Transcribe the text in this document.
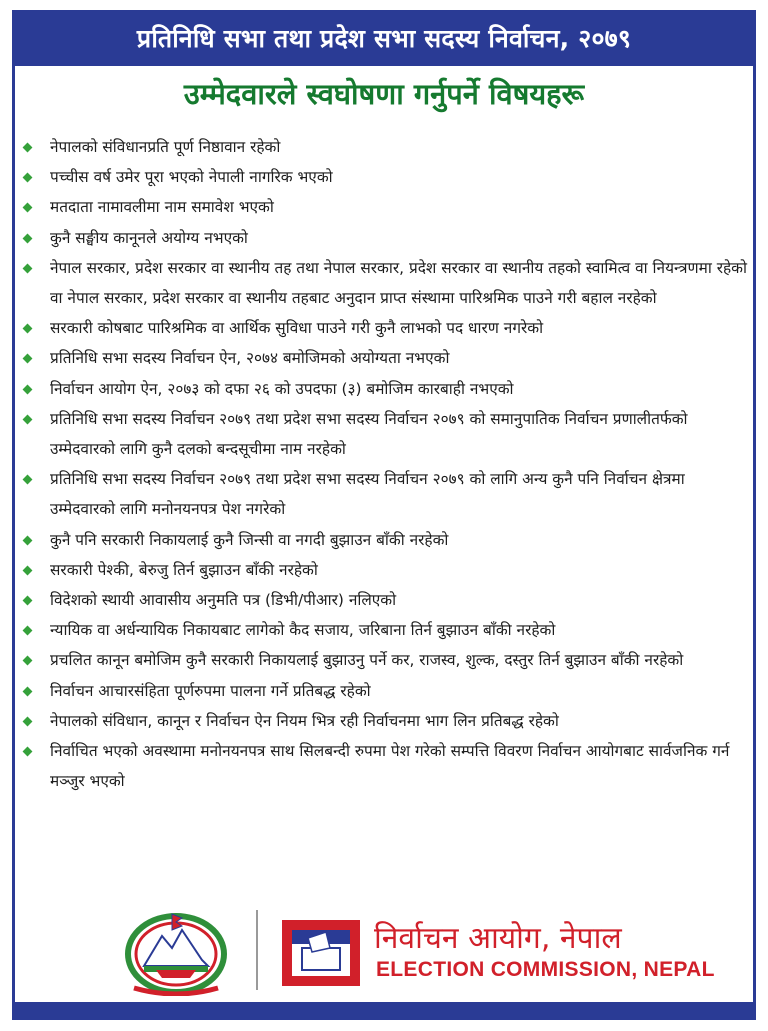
प्रतिनिधि सभा तथा प्रदेश सभा सदस्य निर्वाचन, २०७९
उम्मेदवारले स्वघोषणा गर्नुपर्ने विषयहरू
नेपालको संविधानप्रति पूर्ण निष्ठावान रहेको
पच्चीस वर्ष उमेर पूरा भएको नेपाली नागरिक भएको
मतदाता नामावलीमा नाम समावेश भएको
कुनै सङ्घीय कानूनले अयोग्य नभएको
नेपाल सरकार, प्रदेश सरकार वा स्थानीय तह तथा नेपाल सरकार, प्रदेश सरकार वा स्थानीय तहको स्वामित्व वा नियन्त्रणमा रहेको वा नेपाल सरकार, प्रदेश सरकार वा स्थानीय तहबाट अनुदान प्राप्त संस्थामा पारिश्रमिक पाउने गरी बहाल नरहेको
सरकारी कोषबाट पारिश्रमिक वा आर्थिक सुविधा पाउने गरी कुनै लाभको पद धारण नगरेको
प्रतिनिधि सभा सदस्य निर्वाचन ऐन, २०७४ बमोजिमको अयोग्यता नभएको
निर्वाचन आयोग ऐन, २०७३ को दफा २६ को उपदफा (३) बमोजिम कारबाही नभएको
प्रतिनिधि सभा सदस्य निर्वाचन २०७९ तथा प्रदेश सभा सदस्य निर्वाचन २०७९ को समानुपातिक निर्वाचन प्रणालीतर्फको उम्मेदवारको लागि कुनै दलको बन्दसूचीमा नाम नरहेको
प्रतिनिधि सभा सदस्य निर्वाचन २०७९ तथा प्रदेश सभा सदस्य निर्वाचन २०७९ को लागि अन्य कुनै पनि निर्वाचन क्षेत्रमा उम्मेदवारको लागि मनोनयनपत्र पेश नगरेको
कुनै पनि सरकारी निकायलाई कुनै जिन्सी वा नगदी बुझाउन बाँकी नरहेको
सरकारी पेश्की, बेरुजु तिर्न बुझाउन बाँकी नरहेको
विदेशको स्थायी आवासीय अनुमति पत्र (डिभी/पीआर) नलिएको
न्यायिक वा अर्धन्यायिक निकायबाट लागेको कैद सजाय, जरिबाना तिर्न बुझाउन बाँकी नरहेको
प्रचलित कानून बमोजिम कुनै सरकारी निकायलाई बुझाउनु पर्ने कर, राजस्व, शुल्क, दस्तुर तिर्न बुझाउन बाँकी नरहेको
निर्वाचन आचारसंहिता पूर्णरुपमा पालना गर्ने प्रतिबद्ध रहेको
नेपालको संविधान, कानून र निर्वाचन ऐन नियम भित्र रही निर्वाचनमा भाग लिन प्रतिबद्ध रहेको
निर्वाचित भएको अवस्थामा मनोनयनपत्र साथ सिलबन्दी रुपमा पेश गरेको सम्पत्ति विवरण निर्वाचन आयोगबाट सार्वजनिक गर्न मञ्जुर भएको
निर्वाचन आयोग, नेपाल
ELECTION COMMISSION, NEPAL
